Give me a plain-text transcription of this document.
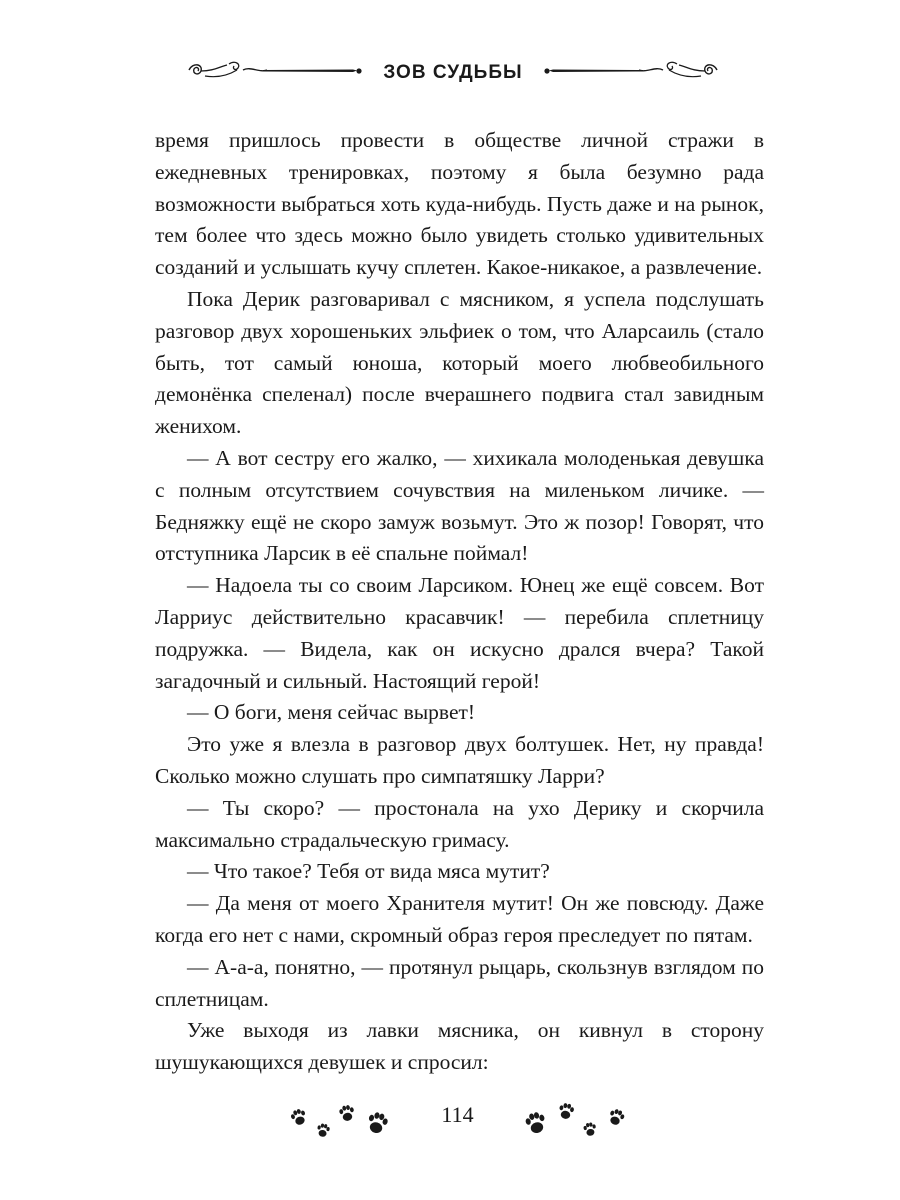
ЗОВ СУДЬБЫ

время пришлось провести в обществе личной стражи в ежедневных тренировках, поэтому я была безумно рада возможности выбраться хоть куда-нибудь. Пусть даже и на рынок, тем более что здесь можно было увидеть столько удивительных созданий и услышать кучу сплетен. Какое-никакое, а развлечение.

Пока Дерик разговаривал с мясником, я успела подслушать разговор двух хорошеньких эльфиек о том, что Аларсаиль (стало быть, тот самый юноша, который моего любвеобильного демонёнка спеленал) после вчерашнего подвига стал завидным женихом.

— А вот сестру его жалко, — хихикала молоденькая девушка с полным отсутствием сочувствия на миленьком личике. — Бедняжку ещё не скоро замуж возьмут. Это ж позор! Говорят, что отступника Ларсик в её спальне поймал!

— Надоела ты со своим Ларсиком. Юнец же ещё совсем. Вот Ларриус действительно красавчик! — перебила сплетницу подружка. — Видела, как он искусно дрался вчера? Такой загадочный и сильный. Настоящий герой!

— О боги, меня сейчас вырвет!

Это уже я влезла в разговор двух болтушек. Нет, ну правда! Сколько можно слушать про симпатяшку Ларри?

— Ты скоро? — простонала на ухо Дерику и скорчила максимально страдальческую гримасу.

— Что такое? Тебя от вида мяса мутит?

— Да меня от моего Хранителя мутит! Он же повсюду. Даже когда его нет с нами, скромный образ героя преследует по пятам.

— А-а-а, понятно, — протянул рыцарь, скользнув взглядом по сплетницам.

Уже выходя из лавки мясника, он кивнул в сторону шушукающихся девушек и спросил:

114
